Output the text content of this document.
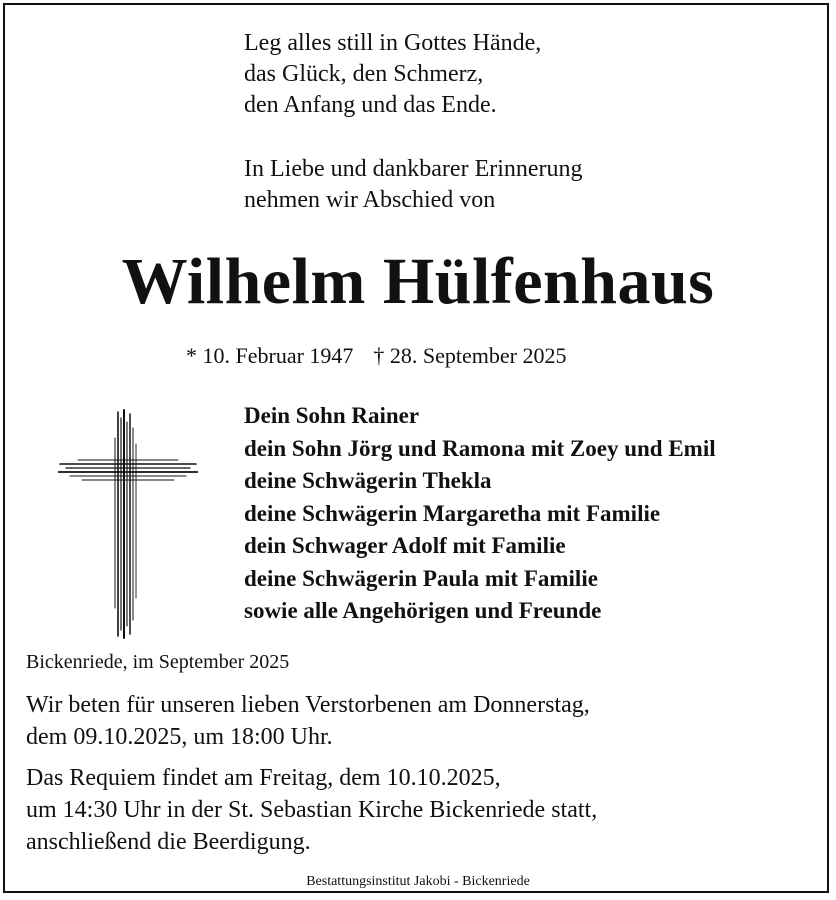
Leg alles still in Gottes Hände,
das Glück, den Schmerz,
den Anfang und das Ende.
In Liebe und dankbarer Erinnerung
nehmen wir Abschied von
Wilhelm Hülfenhaus
* 10. Februar 1947 † 28. September 2025
Dein Sohn Rainer
dein Sohn Jörg und Ramona mit Zoey und Emil
deine Schwägerin Thekla
deine Schwägerin Margaretha mit Familie
dein Schwager Adolf mit Familie
deine Schwägerin Paula mit Familie
sowie alle Angehörigen und Freunde
Bickenriede, im September 2025
Wir beten für unseren lieben Verstorbenen am Donnerstag,
dem 09.10.2025, um 18:00 Uhr.
Das Requiem findet am Freitag, dem 10.10.2025,
um 14:30 Uhr in der St. Sebastian Kirche Bickenriede statt,
anschließend die Beerdigung.
Bestattungsinstitut Jakobi - Bickenriede
